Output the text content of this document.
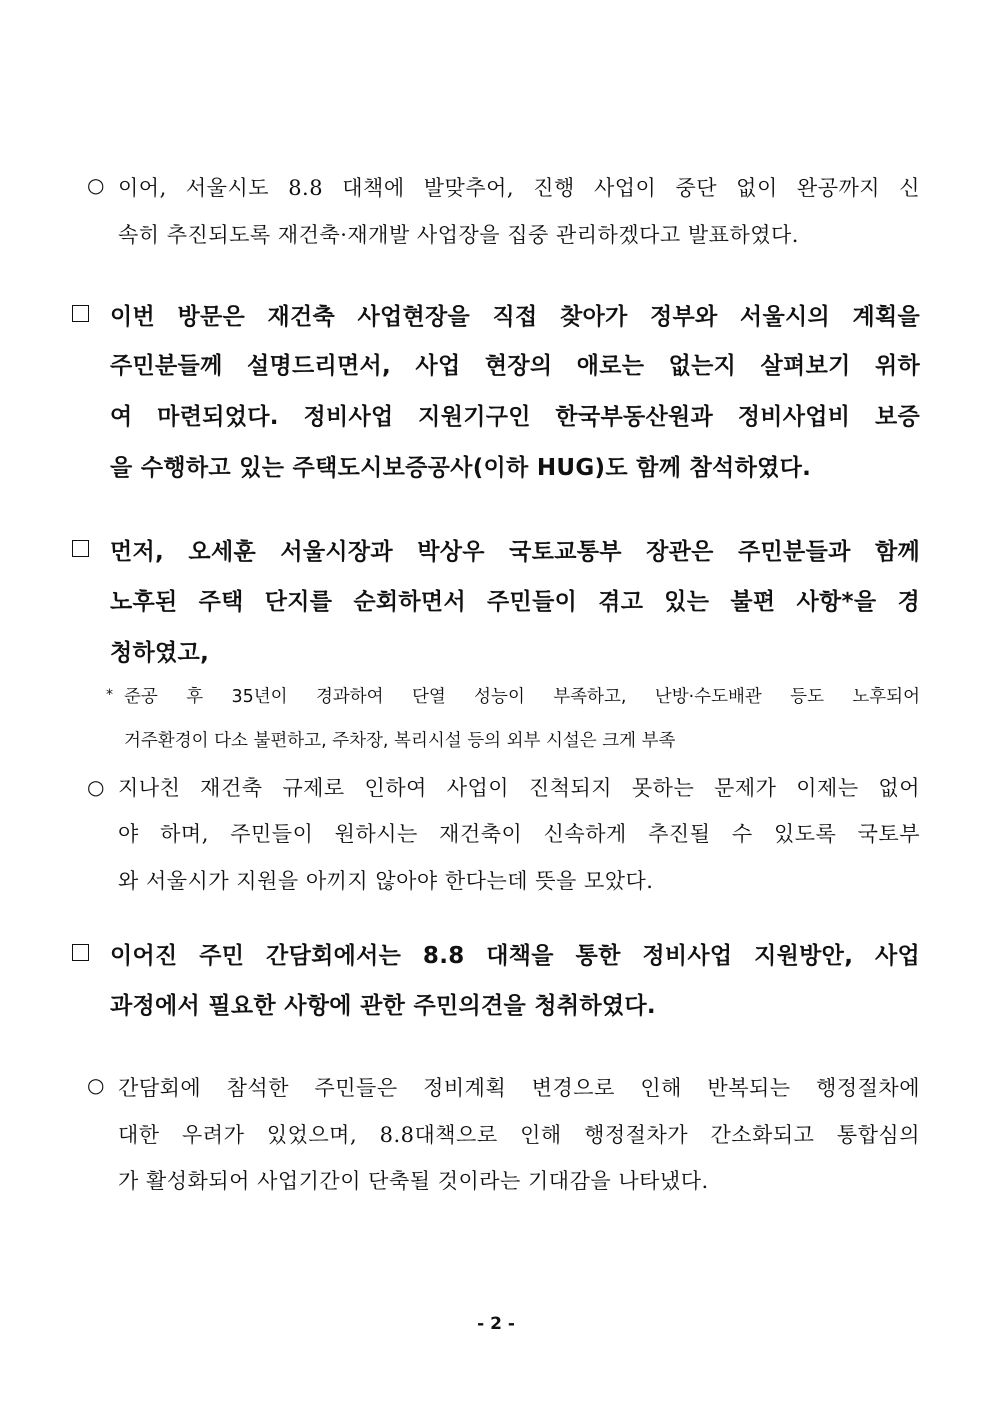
○ 이어, 서울시도 8.8 대책에 발맞추어, 진행 사업이 중단 없이 완공까지 신
속히 추진되도록 재건축·재개발 사업장을 집중 관리하겠다고 발표하였다.
이번 방문은 재건축 사업현장을 직접 찾아가 정부와 서울시의 계획을
주민분들께 설명드리면서, 사업 현장의 애로는 없는지 살펴보기 위하
여 마련되었다. 정비사업 지원기구인 한국부동산원과 정비사업비 보증
을 수행하고 있는 주택도시보증공사(이하 HUG)도 함께 참석하였다.
먼저, 오세훈 서울시장과 박상우 국토교통부 장관은 주민분들과 함께
노후된 주택 단지를 순회하면서 주민들이 겪고 있는 불편 사항*을 경
청하였고,
* 준공 후 35년이 경과하여 단열 성능이 부족하고, 난방·수도배관 등도 노후되어
거주환경이 다소 불편하고, 주차장, 복리시설 등의 외부 시설은 크게 부족
○ 지나친 재건축 규제로 인하여 사업이 진척되지 못하는 문제가 이제는 없어
야 하며, 주민들이 원하시는 재건축이 신속하게 추진될 수 있도록 국토부
와 서울시가 지원을 아끼지 않아야 한다는데 뜻을 모았다.
이어진 주민 간담회에서는 8.8 대책을 통한 정비사업 지원방안, 사업
과정에서 필요한 사항에 관한 주민의견을 청취하였다.
○ 간담회에 참석한 주민들은 정비계획 변경으로 인해 반복되는 행정절차에
대한 우려가 있었으며, 8.8대책으로 인해 행정절차가 간소화되고 통합심의
가 활성화되어 사업기간이 단축될 것이라는 기대감을 나타냈다.
- 2 -
